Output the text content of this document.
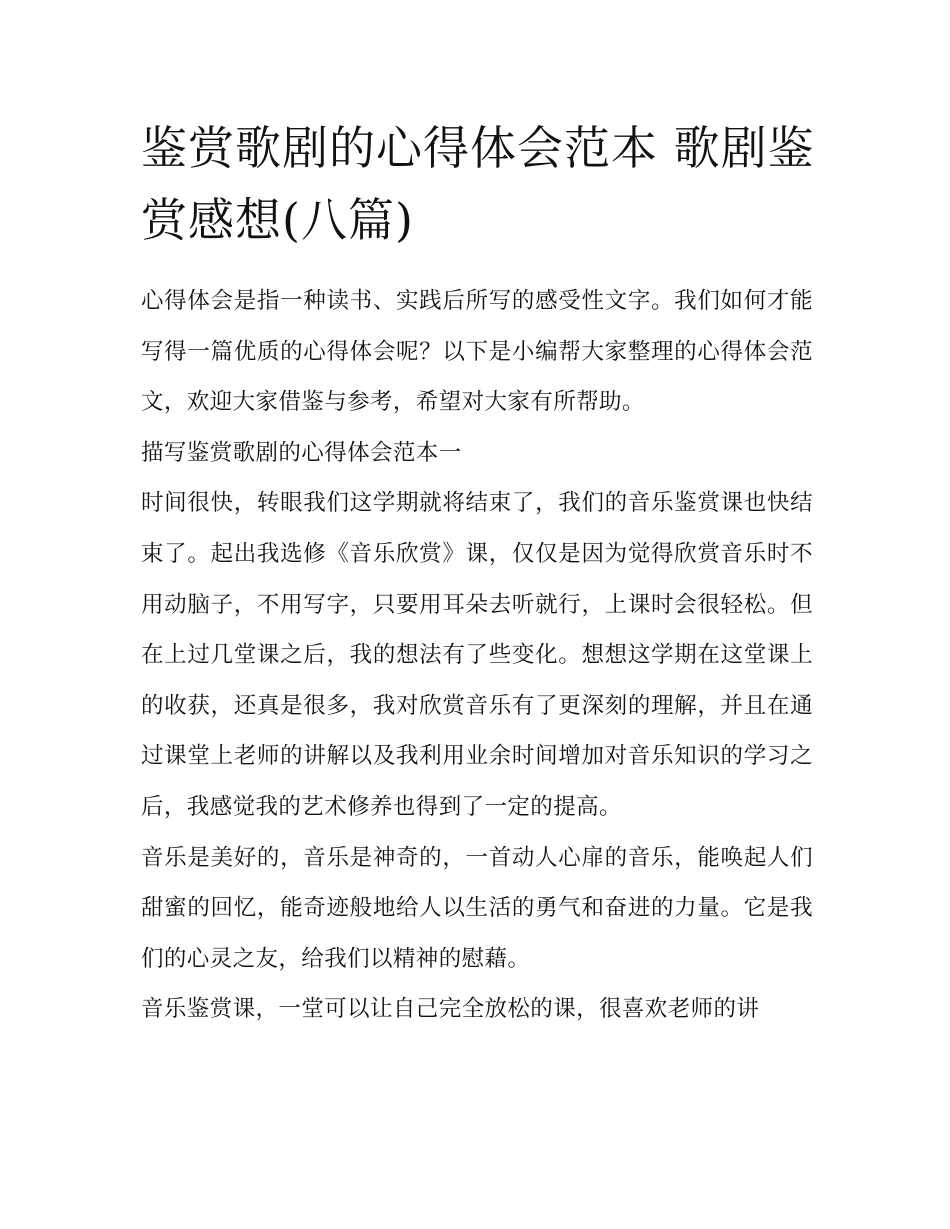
鉴赏歌剧的心得体会范本 歌剧鉴赏感想(八篇)

心得体会是指一种读书、实践后所写的感受性文字。我们如何才能写得一篇优质的心得体会呢？以下是小编帮大家整理的心得体会范文，欢迎大家借鉴与参考，希望对大家有所帮助。

描写鉴赏歌剧的心得体会范本一

时间很快，转眼我们这学期就将结束了，我们的音乐鉴赏课也快结束了。起出我选修《音乐欣赏》课，仅仅是因为觉得欣赏音乐时不用动脑子，不用写字，只要用耳朵去听就行，上课时会很轻松。但在上过几堂课之后，我的想法有了些变化。想想这学期在这堂课上的收获，还真是很多，我对欣赏音乐有了更深刻的理解，并且在通过课堂上老师的讲解以及我利用业余时间增加对音乐知识的学习之后，我感觉我的艺术修养也得到了一定的提高。

音乐是美好的，音乐是神奇的，一首动人心扉的音乐，能唤起人们甜蜜的回忆，能奇迹般地给人以生活的勇气和奋进的力量。它是我们的心灵之友，给我们以精神的慰藉。

音乐鉴赏课，一堂可以让自己完全放松的课，很喜欢老师的讲
